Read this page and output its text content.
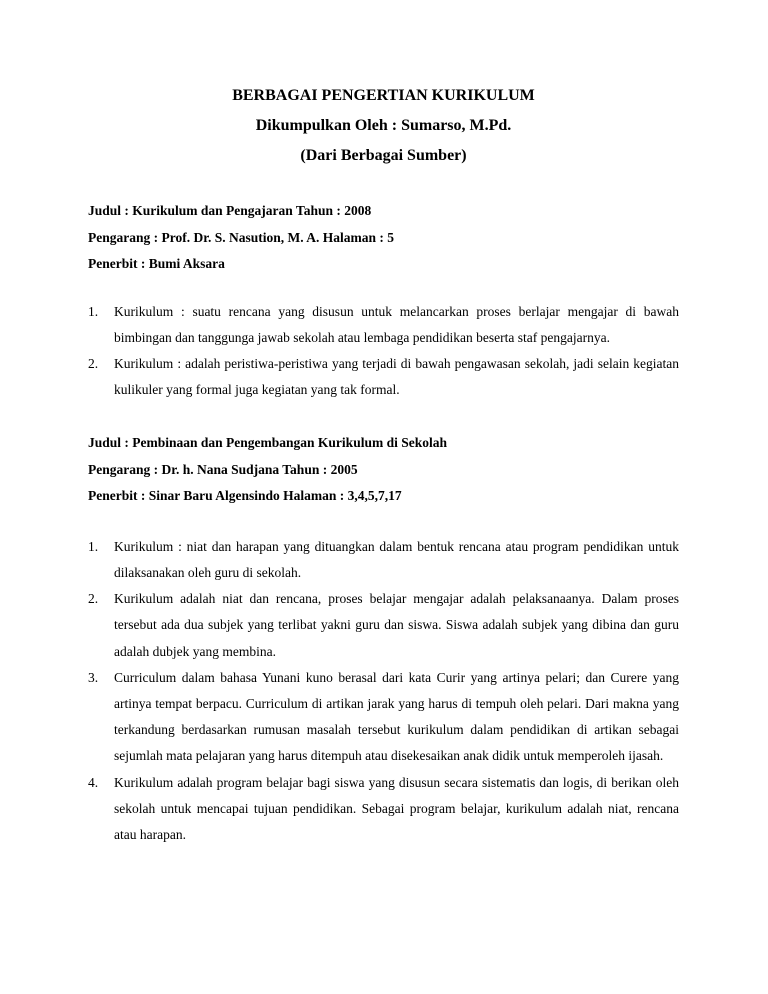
BERBAGAI PENGERTIAN KURIKULUM
Dikumpulkan Oleh : Sumarso, M.Pd.
(Dari Berbagai Sumber)
Judul : Kurikulum dan Pengajaran Tahun : 2008
Pengarang : Prof. Dr. S. Nasution, M. A. Halaman : 5
Penerbit : Bumi Aksara
1. Kurikulum : suatu rencana yang disusun untuk melancarkan proses berlajar mengajar di bawah bimbingan dan tanggunga jawab sekolah atau lembaga pendidikan beserta staf pengajarnya.
2. Kurikulum : adalah peristiwa-peristiwa yang terjadi di bawah pengawasan sekolah, jadi selain kegiatan kulikuler yang formal juga kegiatan yang tak formal.
Judul : Pembinaan dan Pengembangan Kurikulum di Sekolah
Pengarang : Dr. h. Nana Sudjana Tahun : 2005
Penerbit : Sinar Baru Algensindo Halaman : 3,4,5,7,17
1. Kurikulum : niat dan harapan yang dituangkan dalam bentuk rencana atau program pendidikan untuk dilaksanakan oleh guru di sekolah.
2. Kurikulum adalah niat dan rencana, proses belajar mengajar adalah pelaksanaanya. Dalam proses tersebut ada dua subjek yang terlibat yakni guru dan siswa. Siswa adalah subjek yang dibina dan guru adalah dubjek yang membina.
3. Curriculum dalam bahasa Yunani kuno berasal dari kata Curir yang artinya pelari; dan Curere yang artinya tempat berpacu. Curriculum di artikan jarak yang harus di tempuh oleh pelari. Dari makna yang terkandung berdasarkan rumusan masalah tersebut kurikulum dalam pendidikan di artikan sebagai sejumlah mata pelajaran yang harus ditempuh atau disekesaikan anak didik untuk memperoleh ijasah.
4. Kurikulum adalah program belajar bagi siswa yang disusun secara sistematis dan logis, di berikan oleh sekolah untuk mencapai tujuan pendidikan. Sebagai program belajar, kurikulum adalah niat, rencana atau harapan.
